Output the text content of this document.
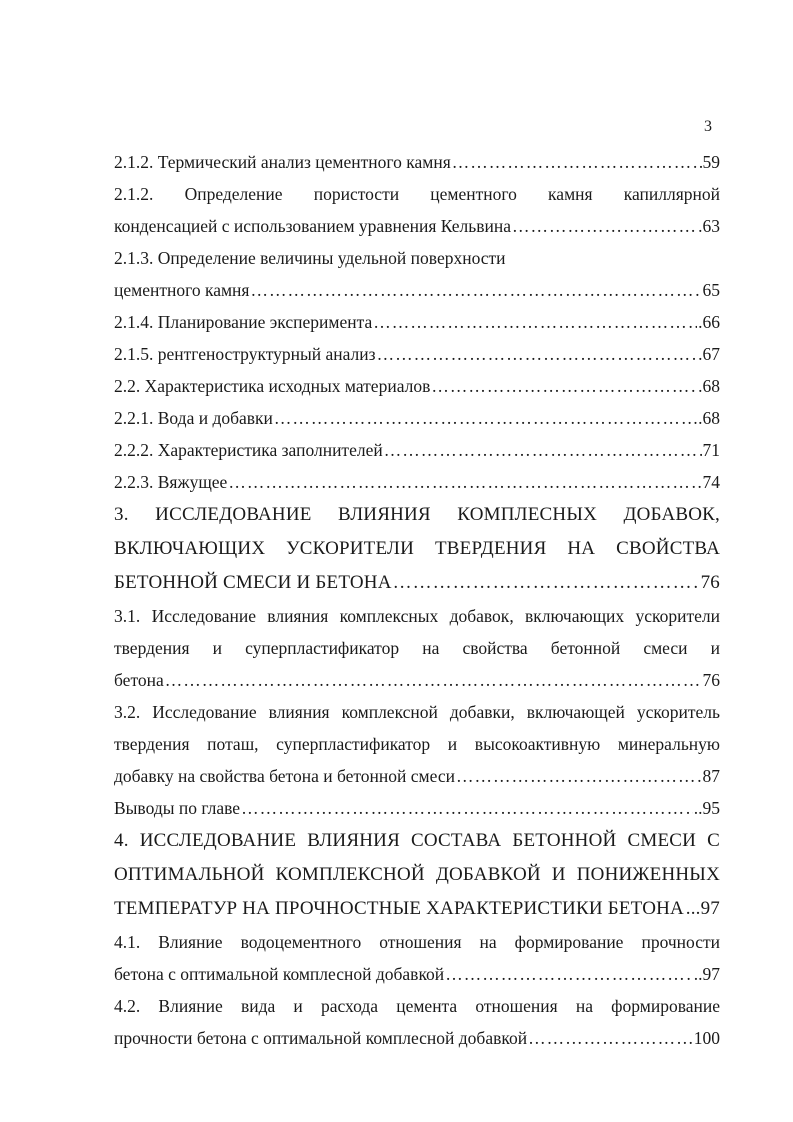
3
2.1.2. Термический анализ цементного камня ………………………………………………………………………………………………………………………………………………………………………………………………	59
2.1.2. Определение пористости цементного камня капиллярной
конденсацией с использованием уравнения Кельвина ………………………………………………………………………………………………………………………………………………………………………………………………	.63
2.1.3. Определение величины удельной поверхности
цементного камня ………………………………………………………………………………………………………………………………………………………………………………………………	65
2.1.4. Планирование эксперимента ………………………………………………………………………………………………………………………………………………………………………………………………	.66
2.1.5. рентгеноструктурный анализ ………………………………………………………………………………………………………………………………………………………………………………………………	.67
2.2. Характеристика исходных материалов ………………………………………………………………………………………………………………………………………………………………………………………………	.68
2.2.1. Вода и добавки ………………………………………………………………………………………………………………………………………………………………………………………………	.68
2.2.2. Характеристика заполнителей ………………………………………………………………………………………………………………………………………………………………………………………………	71
2.2.3. Вяжущее ………………………………………………………………………………………………………………………………………………………………………………………………	74
3. ИССЛЕДОВАНИЕ ВЛИЯНИЯ КОМПЛЕСНЫХ ДОБАВОК,
ВКЛЮЧАЮЩИХ УСКОРИТЕЛИ ТВЕРДЕНИЯ НА СВОЙСТВА
БЕТОННОЙ СМЕСИ И БЕТОНА ………………………………………………………………………………………………………………………………………………………………………………………………	76
3.1. Исследование влияния комплексных добавок, включающих ускорители
твердения и суперпластификатор на свойства бетонной смеси и
бетона ………………………………………………………………………………………………………………………………………………………………………………………………	76
3.2. Исследование влияния комплексной добавки, включающей ускоритель
твердения поташ, суперпластификатор и высокоактивную минеральную
добавку на свойства бетона и бетонной смеси ………………………………………………………………………………………………………………………………………………………………………………………………	87
Выводы по главе ………………………………………………………………………………………………………………………………………………………………………………………………	..95
4. ИССЛЕДОВАНИЕ ВЛИЯНИЯ СОСТАВА БЕТОННОЙ СМЕСИ С
ОПТИМАЛЬНОЙ КОМПЛЕКСНОЙ ДОБАВКОЙ И ПОНИЖЕННЫХ
ТЕМПЕРАТУР НА ПРОЧНОСТНЫЕ ХАРАКТЕРИСТИКИ БЕТОНА ……………………………………………………………………………………………………………………………………………………………………………………………… ..97
4.1. Влияние водоцементного отношения на формирование прочности
бетона с оптимальной комплесной добавкой ………………………………………………………………………………………………………………………………………………………………………………………………	..97
4.2. Влияние вида и расхода цемента отношения на формирование
прочности бетона с оптимальной комплесной добавкой ………………………………………………………………………………………………………………………………………………………………………………………………	100
